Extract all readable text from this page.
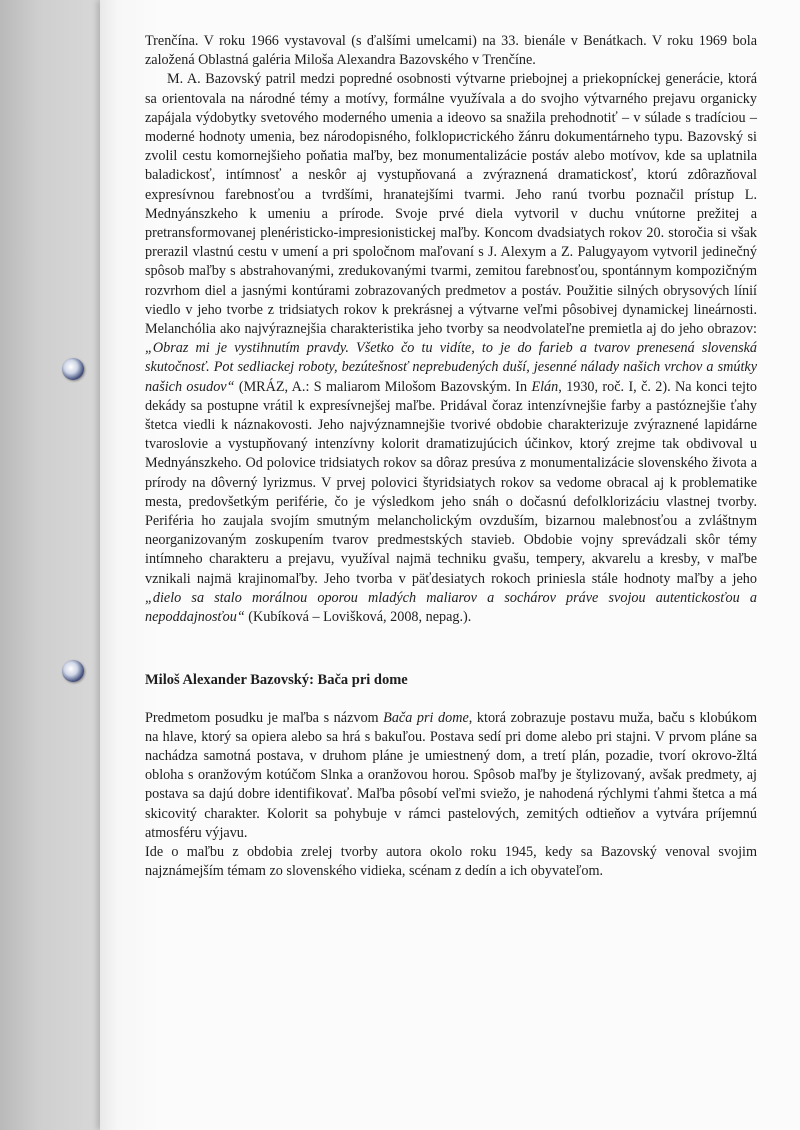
Trenčína. V roku 1966 vystavoval (s ďalšími umelcami) na 33. bienále v Benátkach. V roku 1969 bola založená Oblastná galéria Miloša Alexandra Bazovského v Trenčíne.

M. A. Bazovský patril medzi popredné osobnosti výtvarne priebojnej a priekopníckej generácie, ktorá sa orientovala na národné témy a motívy, formálne využívala a do svojho výtvarného prejavu organicky zapájala výdobytky svetového moderného umenia a ideovo sa snažila prehodnotiť – v súlade s tradíciou – moderné hodnoty umenia, bez národopisného, folklористického žánru dokumentárneho typu. Bazovský si zvolil cestu komornejšieho poňatia maľby, bez monumentalizácie postáv alebo motívov, kde sa uplatnila baladickosť, intímnosť a neskôr aj vystupňovaná a zvýraznená dramatickosť, ktorú zdôrazňoval expresívnou farebnosťou a tvrdšími, hranatejšími tvarmi. Jeho ranú tvorbu poznačil prístup L. Mednyánszkeho k umeniu a prírode. Svoje prvé diela vytvoril v duchu vnútorne prežitej a pretransformovanej plenéristicko-impresionistickej maľby. Koncom dvadsiatych rokov 20. storočia si však prerazil vlastnú cestu v umení a pri spoločnom maľovaní s J. Alexym a Z. Palugyayom vytvoril jedinečný spôsob maľby s abstrahovanými, zredukovanými tvarmi, zemitou farebnosťou, spontánnym kompozičným rozvrhom diel a jasnými kontúrami zobrazovaných predmetov a postáv. Použitie silných obrysových línií viedlo v jeho tvorbe z tridsiatych rokov k prekrásnej a výtvarne veľmi pôsobivej dynamickej lineárnosti. Melanchólia ako najvýraznejšia charakteristika jeho tvorby sa neodvolateľne premietla aj do jeho obrazov: „Obraz mi je vystihnutím pravdy. Všetko čo tu vidíte, to je do farieb a tvarov prenesená slovenská skutočnosť. Pot sedliackej roboty, bezútešnosť neprebudených duší, jesenné nálady našich vrchov a smútky našich osudov“ (MRÁZ, A.: S maliarom Milošom Bazovským. In Elán, 1930, roč. I, č. 2). Na konci tejto dekády sa postupne vrátil k expresívnejšej maľbe. Pridával čoraz intenzívnejšie farby a pastóznejšie ťahy štetca viedli k náznakovosti. Jeho najvýznamnejšie tvorivé obdobie charakterizuje zvýraznené lapidárne tvaroslovie a vystupňovaný intenzívny kolorit dramatizujúcich účinkov, ktorý zrejme tak obdivoval u Mednyánszkeho. Od polovice tridsiatych rokov sa dôraz presúva z monumentalizácie slovenského života a prírody na dôverný lyrizmus. V prvej polovici štyridsiatych rokov sa vedome obracal aj k problematike mesta, predovšetkým periférie, čo je výsledkom jeho snáh o dočasnú defolklorizáciu vlastnej tvorby. Periféria ho zaujala svojím smutným melancholickým ovzduším, bizarnou malebnosťou a zvláštnym neorganizovaným zoskupením tvarov predmestských stavieb. Obdobie vojny sprevádzali skôr témy intímneho charakteru a prejavu, využíval najmä techniku gvašu, tempery, akvarelu a kresby, v maľbe vznikali najmä krajinomaľby. Jeho tvorba v päťdesiatych rokoch priniesla stále hodnoty maľby a jeho „dielo sa stalo morálnou oporou mladých maliarov a sochárov práve svojou autentickosťou a nepoddajnosťou“ (Kubíková – Lovišková, 2008, nepag.).

Miloš Alexander Bazovský: Bača pri dome

Predmetom posudku je maľba s názvom Bača pri dome, ktorá zobrazuje postavu muža, baču s klobúkom na hlave, ktorý sa opiera alebo sa hrá s bakuľou. Postava sedí pri dome alebo pri stajni. V prvom pláne sa nachádza samotná postava, v druhom pláne je umiestnený dom, a tretí plán, pozadie, tvorí okrovo-žltá obloha s oranžovým kotúčom Slnka a oranžovou horou. Spôsob maľby je štylizovaný, avšak predmety, aj postava sa dajú dobre identifikovať. Maľba pôsobí veľmi sviežo, je nahodená rýchlymi ťahmi štetca a má skicovitý charakter. Kolorit sa pohybuje v rámci pastelových, zemitých odtieňov a vytvára príjemnú atmosféru výjavu.

Ide o maľbu z obdobia zrelej tvorby autora okolo roku 1945, kedy sa Bazovský venoval svojim najznámejším témam zo slovenského vidieka, scénam z dedín a ich obyvateľom.
